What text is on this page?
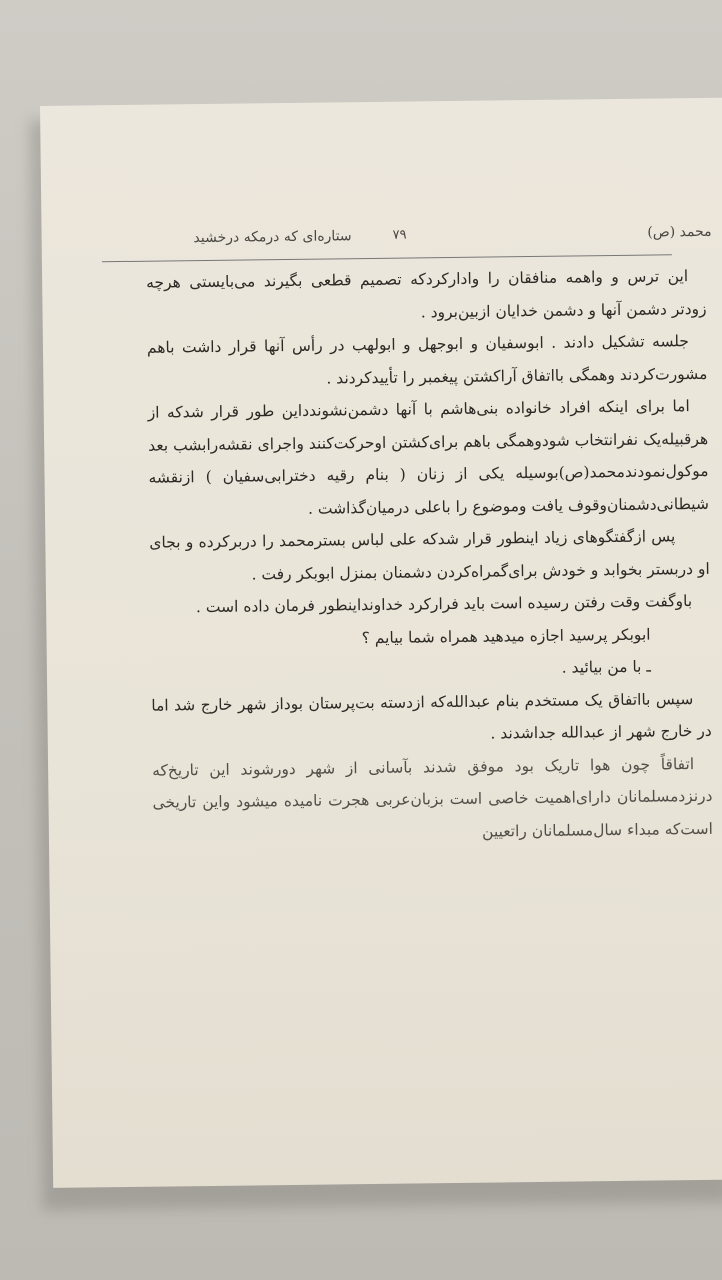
محمد (ص)
۷۹
ستاره‌ای که درمکه درخشید

این ترس و واهمه منافقان را وادارکردکه تصمیم قطعی بگیرند می‌بایستی هرچه زودتر دشمن آنها و دشمن خدایان ازبین‌برود .

جلسه تشکیل دادند . ابوسفیان و ابوجهل و ابولهب در رأس آنها قرار داشت باهم مشورت‌کردند وهمگی بااتفاق آراکشتن پیغمبر را تأییدکردند .

اما برای اینکه افراد خانواده بنی‌هاشم با آنها دشمن‌نشوندداین طور قرار شدکه از هرقبیله‌یک نفرانتخاب شودوهمگی باهم برای‌کشتن اوحرکت‌کنند واجرای نقشه‌رابشب بعد موکول‌نمودندمحمد(ص)بوسیله یکی از زنان ( بنام رقیه دختر‌ابی‌سفیان ) ازنقشه شیطانی‌دشمنان‌وقوف یافت وموضوع را باعلی درمیان‌گذاشت .

پس ازگفتگوهای زیاد اینطور قرار شدکه علی لباس بسترمحمد را دربرکرده و بجای او دربستر بخوابد و خودش برای‌گمراه‌کردن دشمنان بمنزل ابوبکر رفت .

باوگفت وقت رفتن رسیده است باید فرارکرد خداونداینطور فرمان داده است .

ابوبکر پرسید اجازه میدهید همراه شما بیایم ؟

ـ با من بیائید .

سپس بااتفاق یک مستخدم بنام عبدالله‌که ازدسته بت‌پرستان بوداز شهر خارج شد اما در خارج شهر از عبدالله جداشدند .

اتفاقاً چون هوا تاریک بود موفق شدند بآسانی از شهر دورشوند این تاریخ‌که درنزدمسلمانان دارای‌اهمیت خاصی است بزبان‌عربی هجرت نامیده میشود واین تاریخی است‌که مبداء سال‌مسلمانان راتعیین
